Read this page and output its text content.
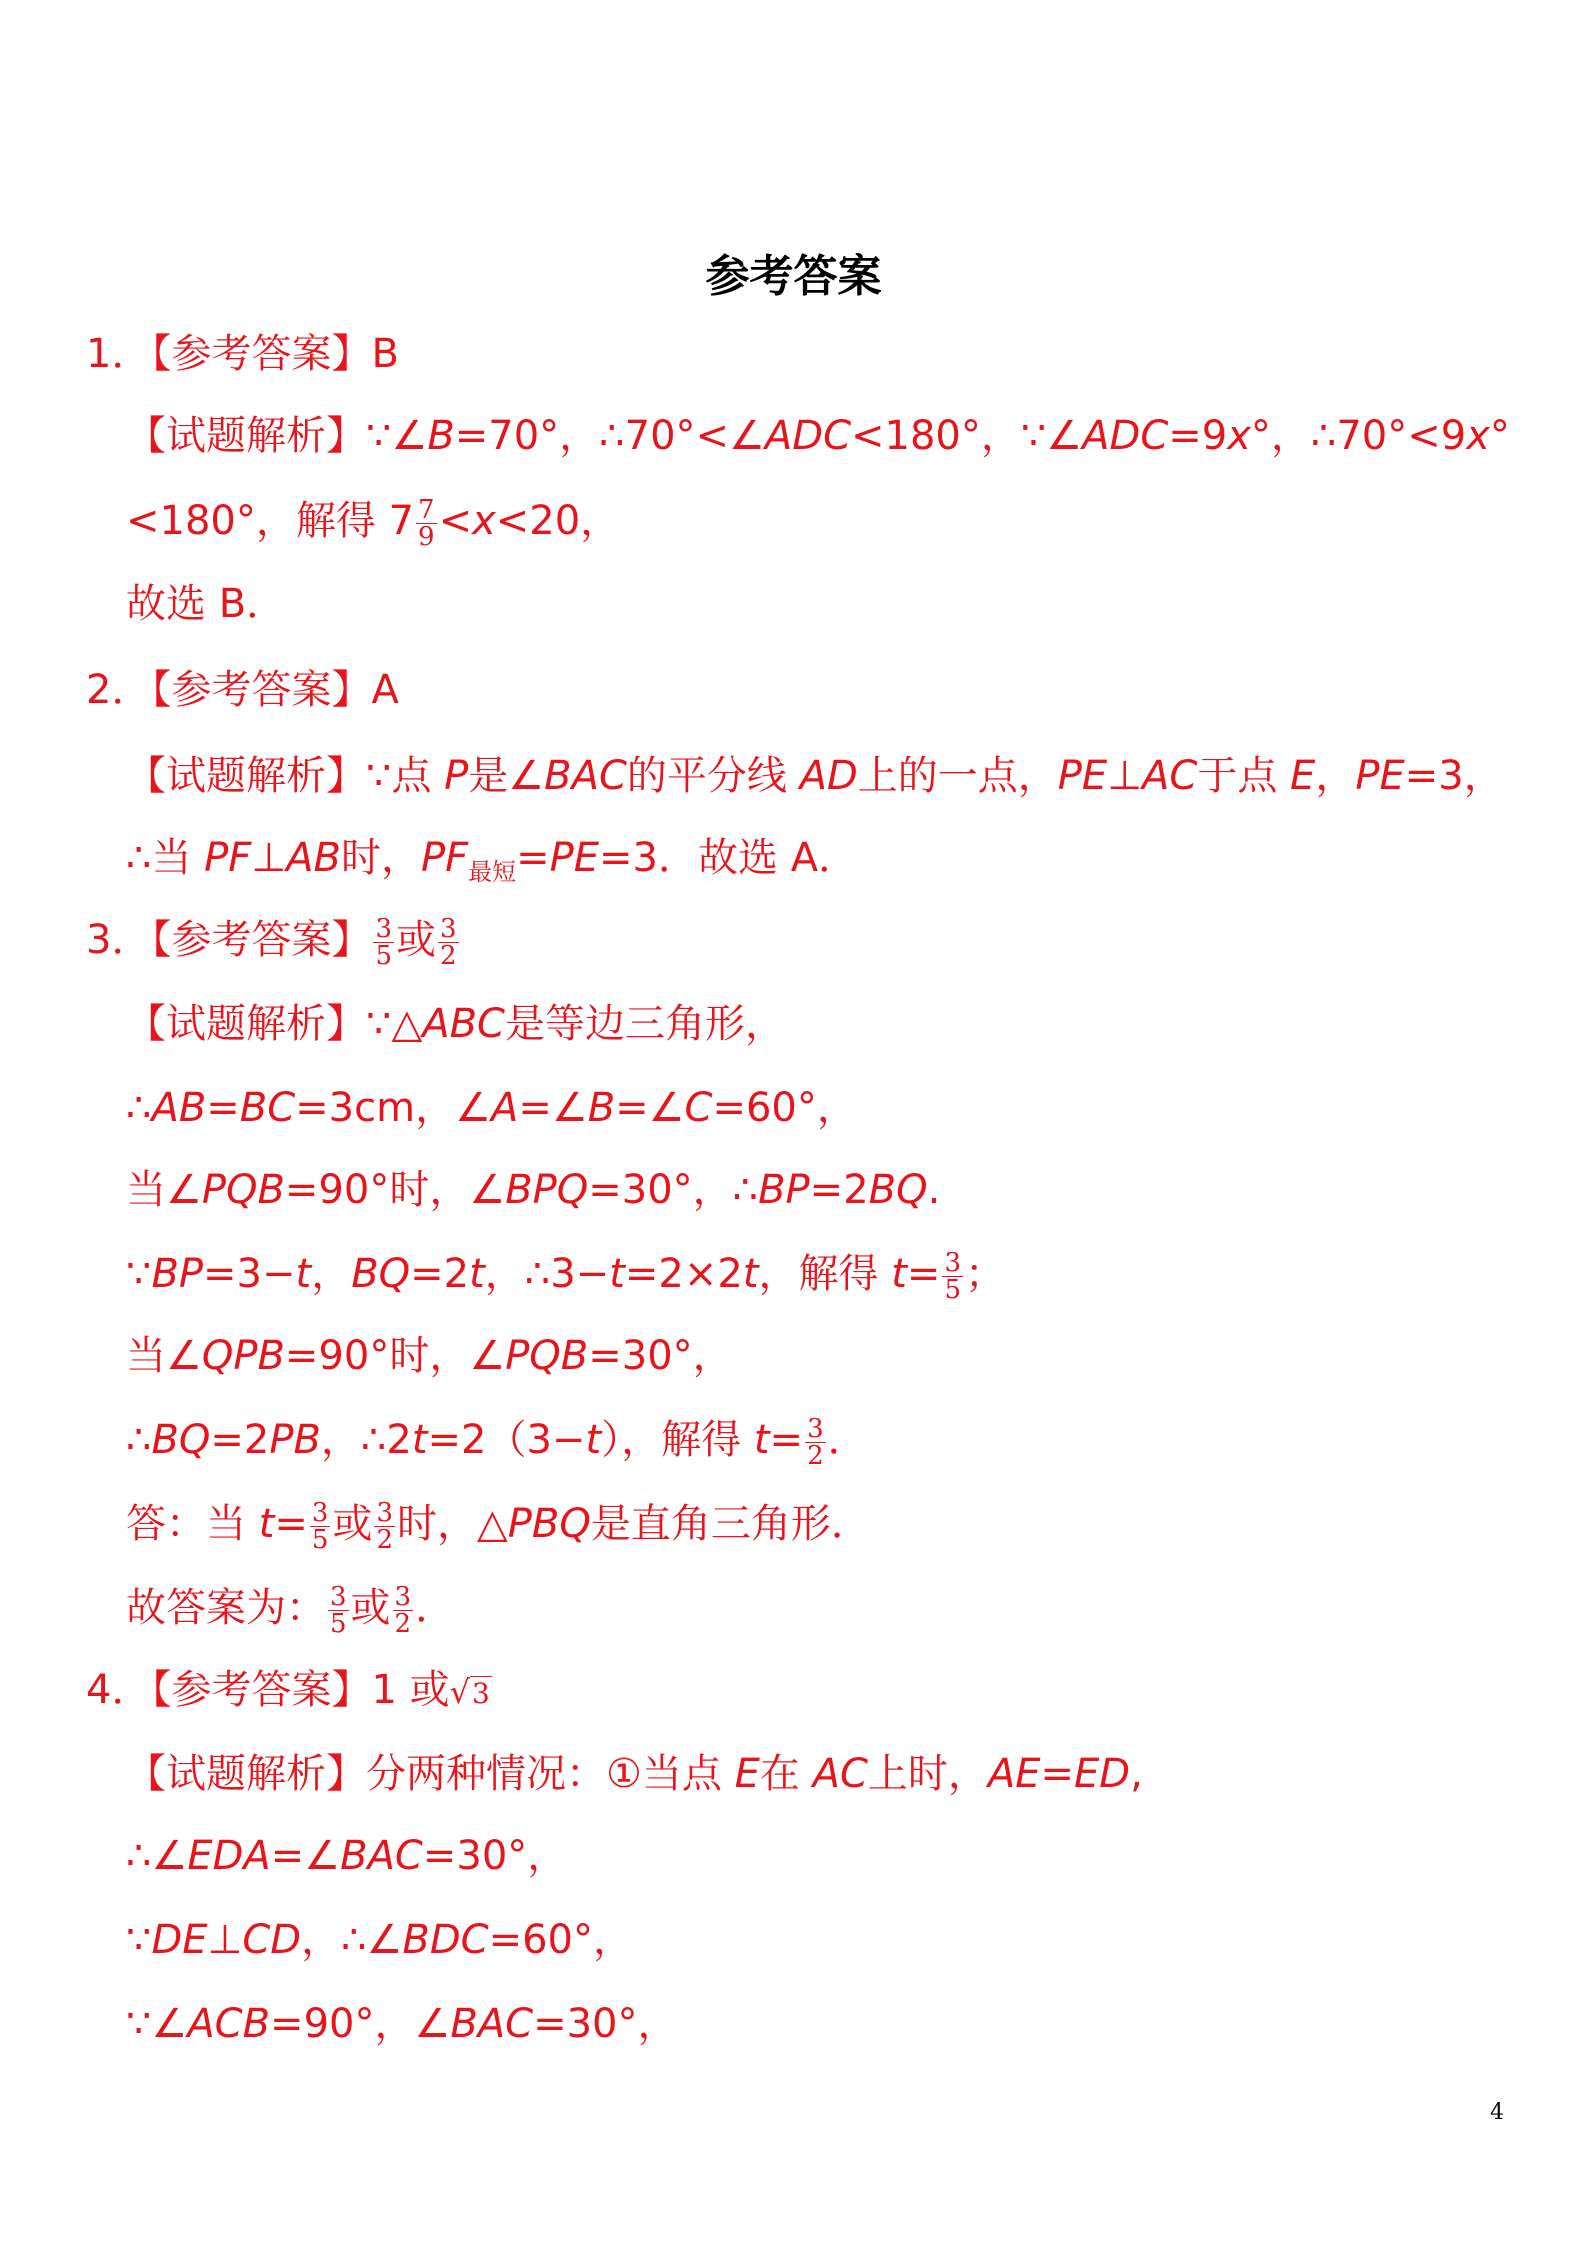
参考答案
1．【参考答案】B
【试题解析】∵∠B=70°，∴70°<∠ADC<180°，∵∠ADC=9x°，∴70°<9x°
<180°，解得 $7 \frac{7}{9} <x<20$，
故选 B．
2．【参考答案】A
【试题解析】∵点 P是∠BAC的平分线 AD上的一点，PE⊥AC于点 E，PE=3，
∴当 PF⊥AB时，$PF_{最短}=PE=3$．故选 A．
3．【参考答案】 $\frac{3}{5}$ 或 $\frac{3}{2}$
【试题解析】∵△ABC是等边三角形，
∴AB=BC=3cm，∠A=∠B=∠C=60°，
当∠PQB=90°时，∠BPQ=30°，∴BP=2BQ.
∵BP=3−t，BQ=2t，∴3−t=2×2t，解得 $t= \frac{3}{5}$ ；
当∠QPB=90°时，∠PQB=30°，
∴BQ=2PB，∴2t=2（3−t），解得 $t= \frac{3}{2}$ ．
答：当 $t= \frac{3}{5}$ 或 $\frac{3}{2}$ 时，△PBQ是直角三角形．
故答案为： $\frac{3}{5}$ 或 $\frac{3}{2}$ ．
4．【参考答案】1 或√3
【试题解析】分两种情况：①当点 E在 AC上时，AE=ED,
∴∠EDA=∠BAC=30°，
∵DE⊥CD，∴∠BDC=60°，
∵∠ACB=90°，∠BAC=30°，
4
